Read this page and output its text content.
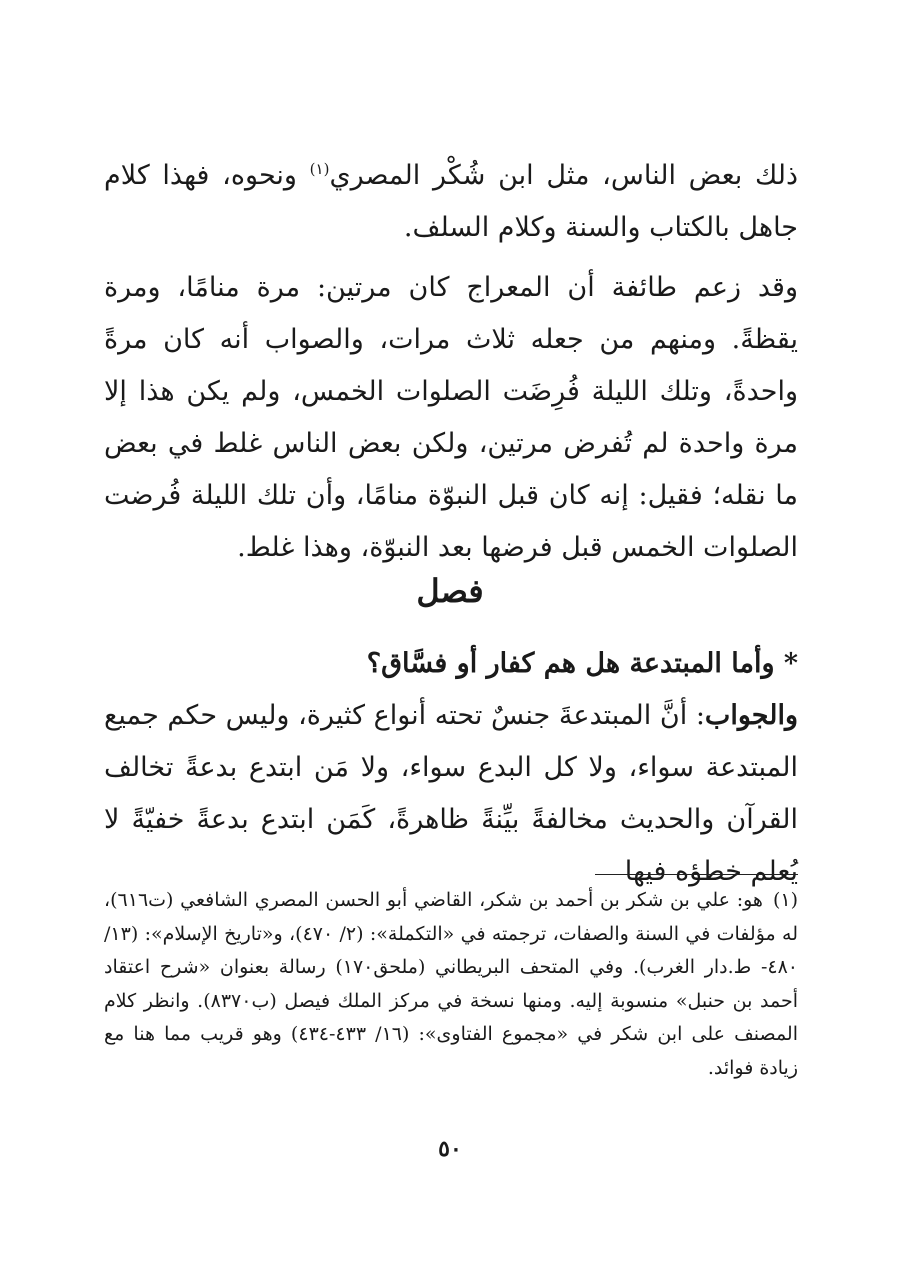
ذلك بعض الناس، مثل ابن شُكْر المصري$^{(١)}$ ونحوه، فهذا كلام جاهل بالكتاب والسنة وكلام السلف.

وقد زعم طائفة أن المعراج كان مرتين: مرة منامًا، ومرة يقظةً. ومنهم من جعله ثلاث مرات، والصواب أنه كان مرةً واحدةً، وتلك الليلة فُرِضَت الصلوات الخمس، ولم يكن هذا إلا مرة واحدة لم تُفرض مرتين، ولكن بعض الناس غلط في بعض ما نقله؛ فقيل: إنه كان قبل النبوّة منامًا، وأن تلك الليلة فُرضت الصلوات الخمس قبل فرضها بعد النبوّة، وهذا غلط.

فصل

* وأما المبتدعة هل هم كفار أو فسَّاق؟

والجواب: أنَّ المبتدعةَ جنسٌ تحته أنواع كثيرة، وليس حكم جميع المبتدعة سواء، ولا كل البدع سواء، ولا مَن ابتدع بدعةً تخالف القرآن والحديث مخالفةً بيِّنةً ظاهرةً، كَمَن ابتدع بدعةً خفيّةً لا يُعلم خطؤه فيها

(١)هو: علي بن شكر بن أحمد بن شكر، القاضي أبو الحسن المصري الشافعي (ت٦١٦)، له مؤلفات في السنة والصفات، ترجمته في «التكملة»: (٢/ ٤٧٠)، و«تاريخ الإسلام»: (١٣/ ٤٨٠- ط.دار الغرب). وفي المتحف البريطاني (ملحق١٧٠) رسالة بعنوان «شرح اعتقاد أحمد بن حنبل» منسوبة إليه. ومنها نسخة في مركز الملك فيصل (ب٨٣٧٠). وانظر كلام المصنف على ابن شكر في «مجموع الفتاوى»: (١٦/ ٤٣٣-٤٣٤) وهو قريب مما هنا مع زيادة فوائد.
٥٠
